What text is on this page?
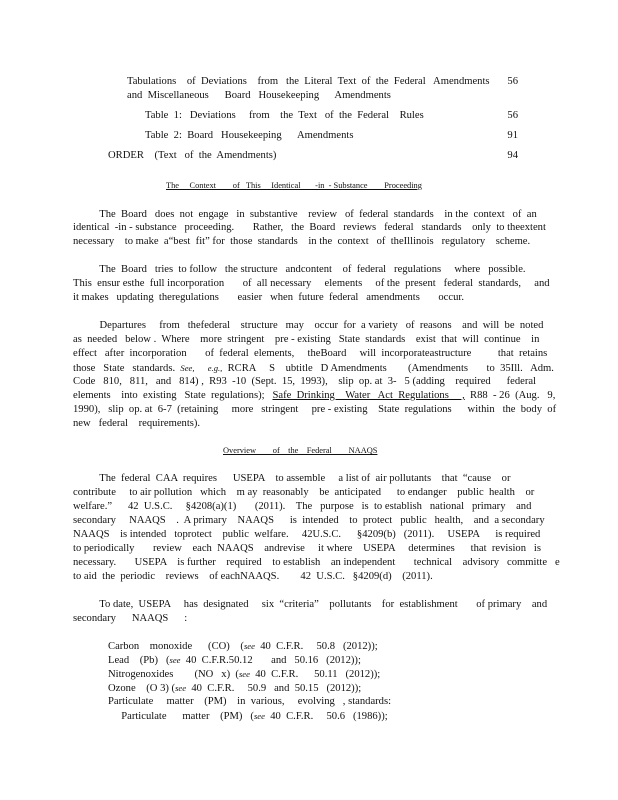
Tabulations    of  Deviations    from   the  Literal  Text  of  the  Federal   Amendments	56
and  Miscellaneous      Board   Housekeeping      Amendments
Table  1:   Deviations     from    the  Text   of  the  Federal    Rules	56
Table  2:  Board   Housekeeping      Amendments	91
ORDER    (Text   of  the  Amendments)	94
The     Context        of   This     Identical       -in  - Substance        Proceeding
The  Board   does  not  engage   in  substantive    review   of  federal  standards    in the  context   of  an
identical  -in - substance   proceeding.       Rather,   the  Board   reviews   federal   standards    only  to theextent
necessary    to make  a“best  fit” for  those  standards    in the  context   of  theIllinois   regulatory    scheme.
The  Board   tries  to follow   the structure   andcontent    of  federal   regulations     where   possible.
This  ensur esthe  full incorporation       of  all necessary     elements     of the  present   federal  standards,     and
it makes   updating  theregulations       easier   when  future  federal   amendments       occur.
Departures     from   thefederal    structure   may    occur  for  a variety   of  reasons    and  will  be  noted
as  needed   below .  Where    more  stringent    pre - existing   State  standards    exist  that  will  continue    in
effect   after  incorporation       of  federal  elements,     theBoard     will  incorporateastructure          that  retains
those   State   standards.  See, e.g.,  RCRA     S    ubtitle   D Amendments        (Amendments       to  35Ill.   Adm.
Code   810,   811,   and   814) ,  R93  -10  (Sept.  15,  1993),    slip  op. at  3-   5 (adding    required      federal
elements    into  existing   State  regulations);   Safe  Drinking    Water   Act  Regulations     ,  R88  - 26  (Aug.   9,
1990),   slip  op. at  6-7  (retaining     more   stringent     pre - existing    State  regulations      within   the  body  of
new   federal    requirements).
Overview        of    the    Federal        NAAQS
The  federal  CAA  requires      USEPA    to assemble     a list of  air pollutants    that  “cause    or
contribute     to air pollution   which    m ay  reasonably    be  anticipated      to endanger    public  health    or
welfare.”      42  U.S.C.     §4208(a)(1)       (2011).    The   purpose   is  to establish   national   primary    and
secondary     NAAQS    .  A primary    NAAQS      is  intended    to  protect   public   health,    and  a secondary
NAAQS    is intended   toprotect    public  welfare.     42U.S.C.      §4209(b)   (2011).     USEPA      is required
to periodically       review    each  NAAQS    andrevise     it where    USEPA     determines      that  revision   is
necessary.       USEPA    is further    required    to establish    an independent       technical    advisory   committe   e
to aid  the  periodic    reviews    of eachNAAQS.        42  U.S.C.   §4209(d)    (2011).
To date,  USEPA     has  designated     six  “criteria”    pollutants    for  establishment       of primary    and
secondary      NAAQS      :
Carbon    monoxide      (CO)    (see  40  C.F.R.     50.8   (2012));
Lead    (Pb)   (see  40  C.F.R.50.12       and   50.16   (2012));
Nitrogenoxides        (NO   x)  (see  40  C.F.R.      50.11   (2012));
Ozone    (O 3) (see  40  C.F.R.     50.9   and  50.15   (2012));
Particulate     matter    (PM)    in  various,     evolving   , standards:
Particulate      matter    (PM)   (see  40  C.F.R.     50.6   (1986));
